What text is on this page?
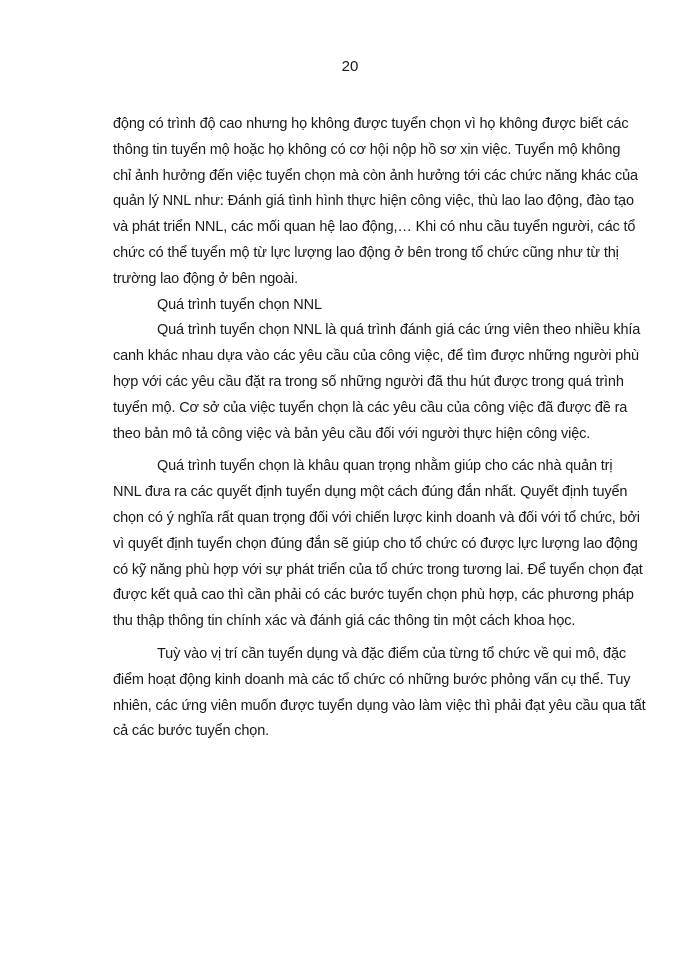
20
động có trình độ cao nhưng họ không được tuyển chọn vì họ không được biết các
thông tin tuyển mộ hoặc họ không có cơ hội nộp hồ sơ xin việc. Tuyển mộ không
chỉ ảnh hưởng đến việc tuyển chọn mà còn ảnh hưởng tới các chức năng khác của
quản lý NNL như: Đánh giá tình hình thực hiện công việc, thù lao lao động, đào tạo
và phát triển NNL, các mối quan hệ lao động,… Khi có nhu cầu tuyển người, các tổ
chức có thể tuyển mộ từ lực lượng lao động ở bên trong tổ chức cũng như từ thị
trường lao động ở bên ngoài.
Quá trình tuyển chọn NNL
Quá trình tuyển chọn NNL là quá trình đánh giá các ứng viên theo nhiều khía
canh khác nhau dựa vào các yêu cầu của công việc, để tìm được những người phù
hợp với các yêu cầu đặt ra trong số những người đã thu hút được trong quá trình
tuyển mộ. Cơ sở của việc tuyển chọn là các yêu cầu của công việc đã được đề ra
theo bản mô tả công việc và bản yêu cầu đối với người thực hiện công việc.
Quá trình tuyển chọn là khâu quan trọng nhằm giúp cho các nhà quản trị
NNL đưa ra các quyết định tuyển dụng một cách đúng đắn nhất. Quyết định tuyển
chọn có ý nghĩa rất quan trọng đối với chiến lược kinh doanh và đối với tổ chức, bởi
vì quyết định tuyển chọn đúng đắn sẽ giúp cho tổ chức có được lực lượng lao động
có kỹ năng phù hợp với sự phát triển của tổ chức trong tương lai. Để tuyển chọn đạt
được kết quả cao thì cần phải có các bước tuyển chọn phù hợp, các phương pháp
thu thập thông tin chính xác và đánh giá các thông tin một cách khoa học.
Tuỳ vào vị trí cần tuyển dụng và đặc điểm của từng tổ chức về qui mô, đặc
điểm hoạt động kinh doanh mà các tổ chức có những bước phỏng vấn cụ thể. Tuy
nhiên, các ứng viên muốn được tuyển dụng vào làm việc thì phải đạt yêu cầu qua tất
cả các bước tuyển chọn.
